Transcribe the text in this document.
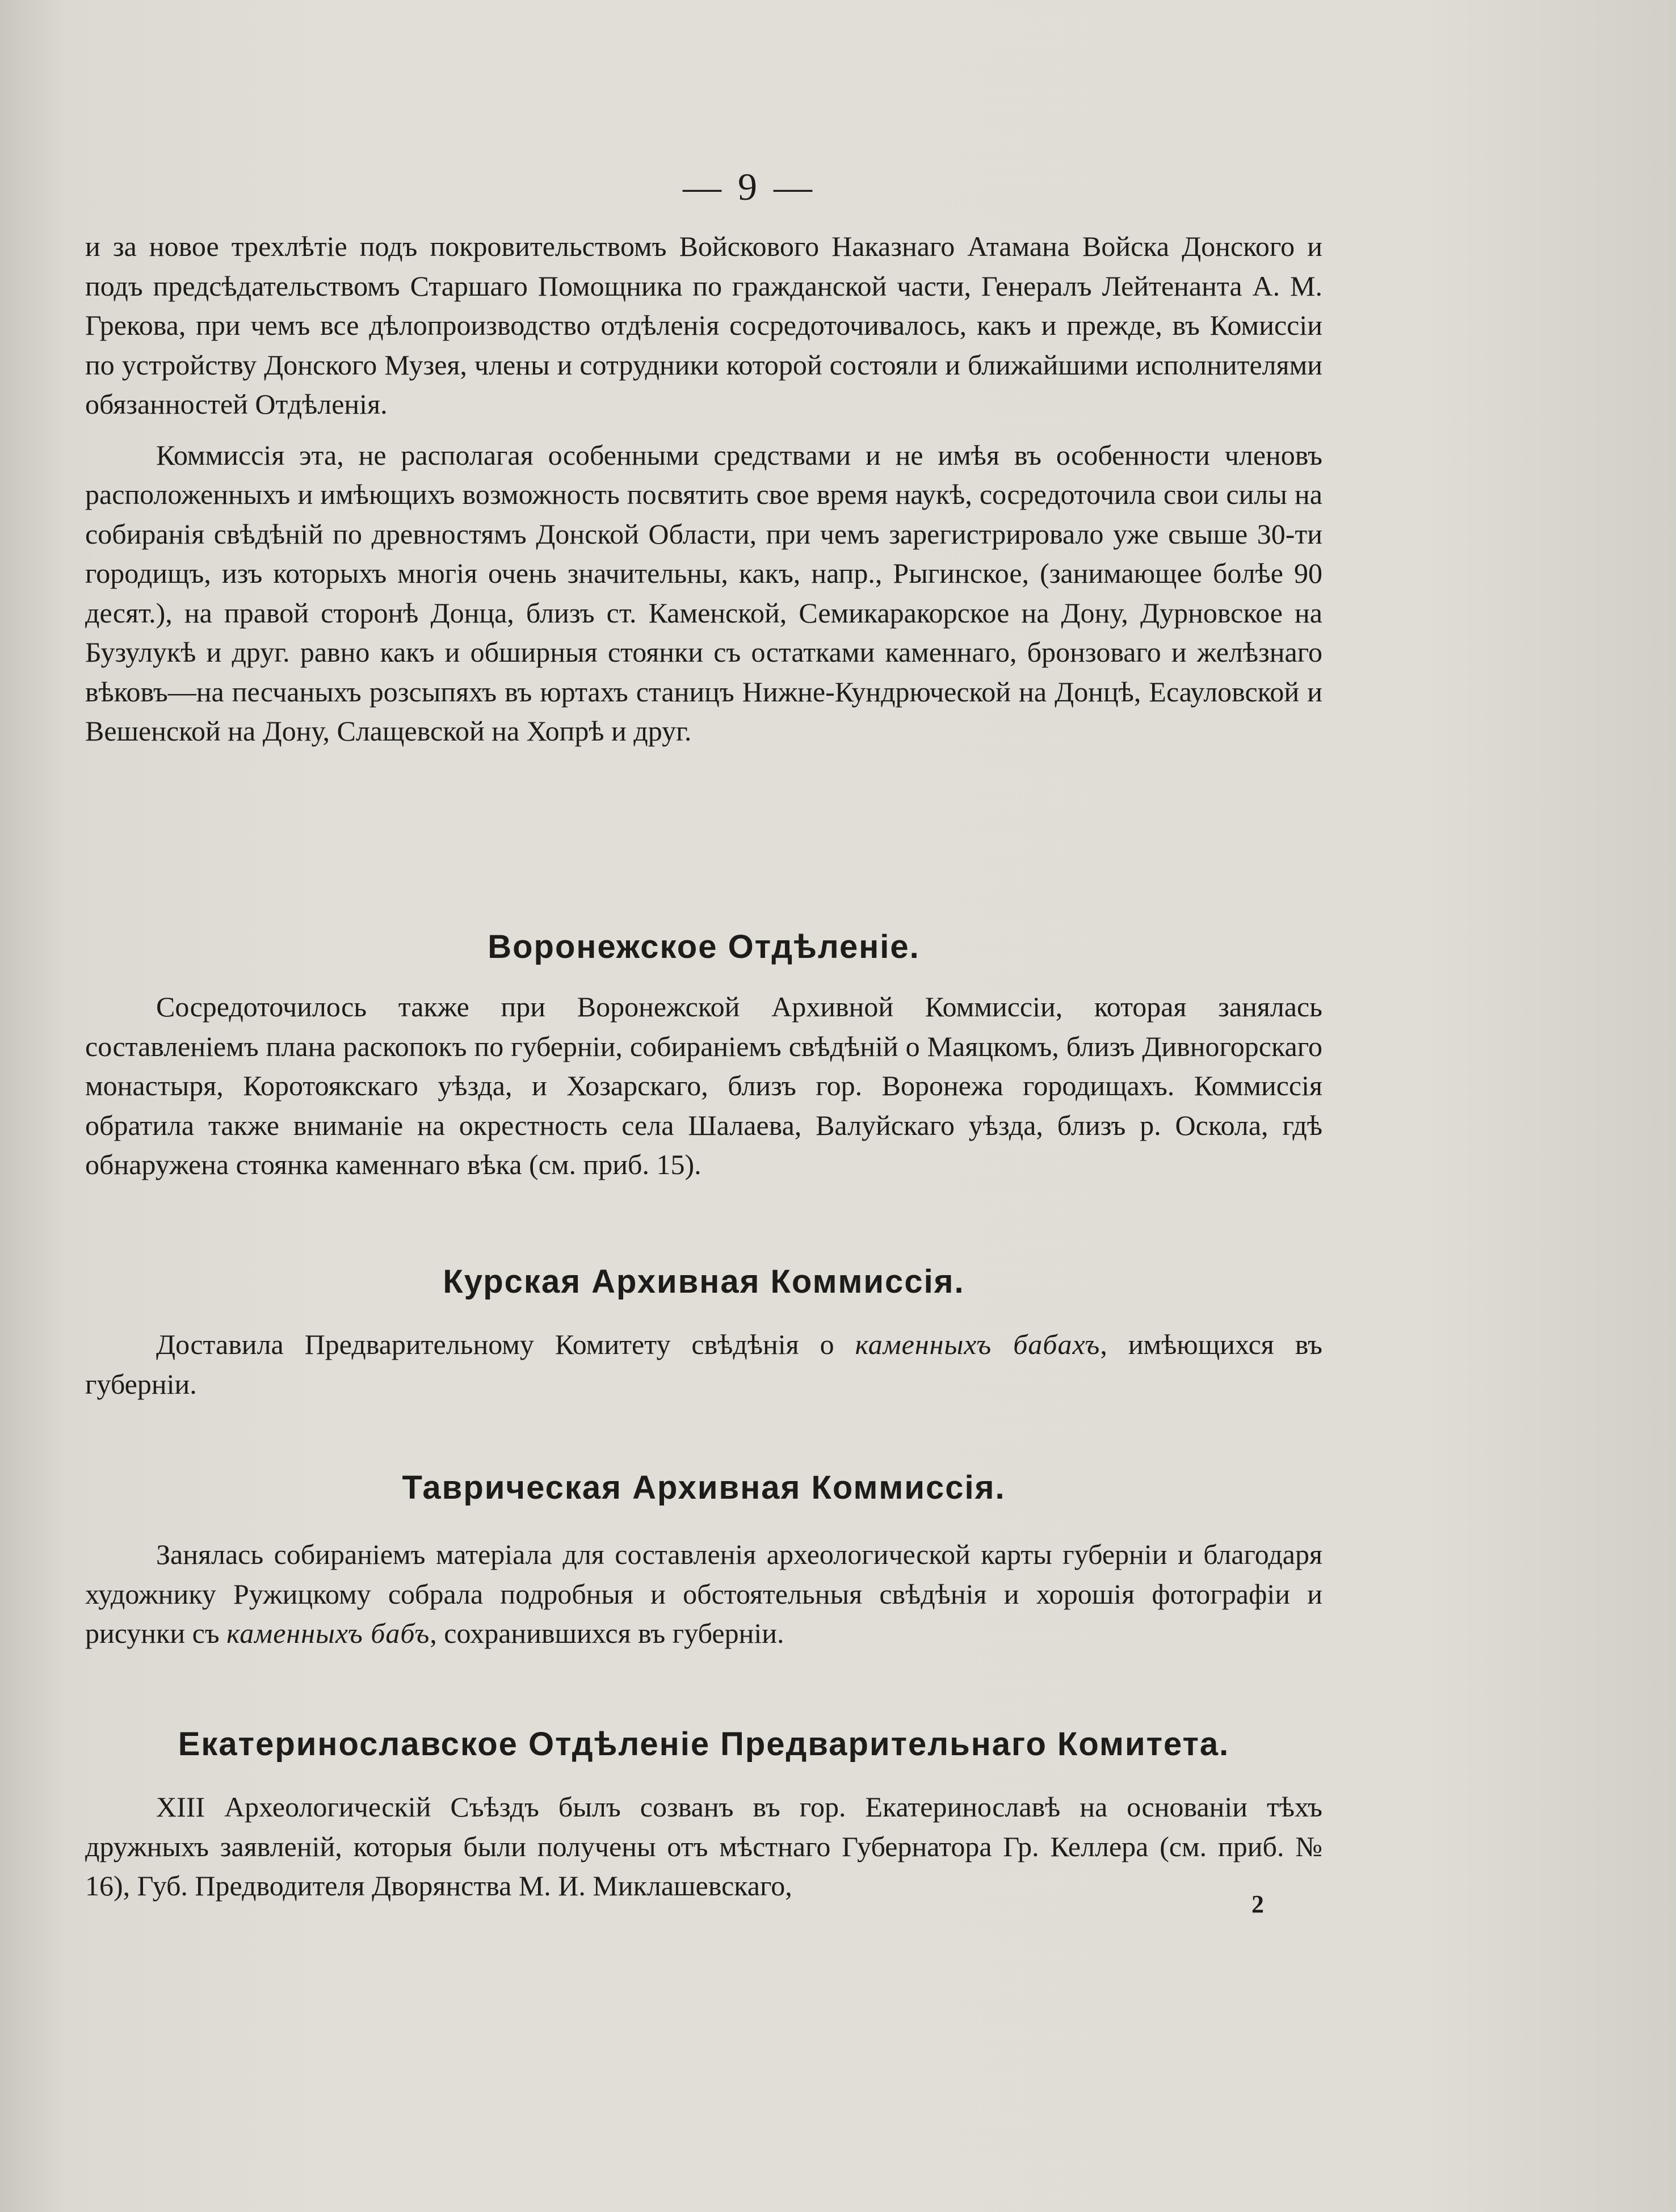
— 9 —

и за новое трехлѣтіе подъ покровительствомъ Войскового Наказнаго Атамана Войска Донского и подъ предсѣдательствомъ Старшаго Помощника по гражданской части, Генералъ Лейтенанта А. М. Грекова, при чемъ все дѣлопроизводство отдѣленія сосредоточивалось, какъ и прежде, въ Комиссіи по устройству Донского Музея, члены и сотрудники которой состояли и ближайшими исполнителями обязанностей Отдѣленія.

Коммиссія эта, не располагая особенными средствами и не имѣя въ особенности членовъ расположенныхъ и имѣющихъ возможность посвятить свое время наукѣ, сосредоточила свои силы на собиранія свѣдѣній по древностямъ Донской Области, при чемъ зарегистрировало уже свыше 30-ти городищъ, изъ которыхъ многія очень значительны, какъ, напр., Рыгинское, (занимающее болѣе 90 десят.), на правой сторонѣ Донца, близъ ст. Каменской, Семикаракорское на Дону, Дурновское на Бузулукѣ и друг. равно какъ и обширныя стоянки съ остатками каменнаго, бронзоваго и желѣзнаго вѣковъ—на песчаныхъ розсыпяхъ въ юртахъ станицъ Нижне-Кундрючеcкой на Донцѣ, Есауловской и Вешенской на Дону, Слащевской на Хопрѣ и друг.

Воронежское Отдѣленіе.

Сосредоточилось также при Воронежской Архивной Коммиссіи, которая занялась составленіемъ плана раскопокъ по губерніи, собираніемъ свѣдѣній о Маяцкомъ, близъ Дивногорскаго монастыря, Коротоякскаго уѣзда, и Хозарскаго, близъ гор. Воронежа городищахъ. Коммиссія обратила также вниманіе на окрестность села Шалаева, Валуйскаго уѣзда, близъ р. Оскола, гдѣ обнаружена стоянка каменнаго вѣка (см. приб. 15).

Курская Архивная Коммиссія.

Доставила Предварительному Комитету свѣдѣнія о каменныхъ бабахъ, имѣющихся въ губерніи.

Таврическая Архивная Коммиссія.

Занялась собираніемъ матеріала для составленія археологической карты губерніи и благодаря художнику Ружицкому собрала подробныя и обстоятельныя свѣдѣнія и хорошія фотографіи и рисунки съ каменныхъ бабъ, сохранившихся въ губерніи.

Екатеринославское Отдѣленіе Предварительнаго Комитета.

XIII Археологическій Съѣздъ былъ созванъ въ гор. Екатеринославѣ на основаніи тѣхъ дружныхъ заявленій, которыя были получены отъ мѣстнаго Губернатора Гр. Келлера (см. приб. № 16), Губ. Предводителя Дворянства М. И. Миклашевскаго,

2
